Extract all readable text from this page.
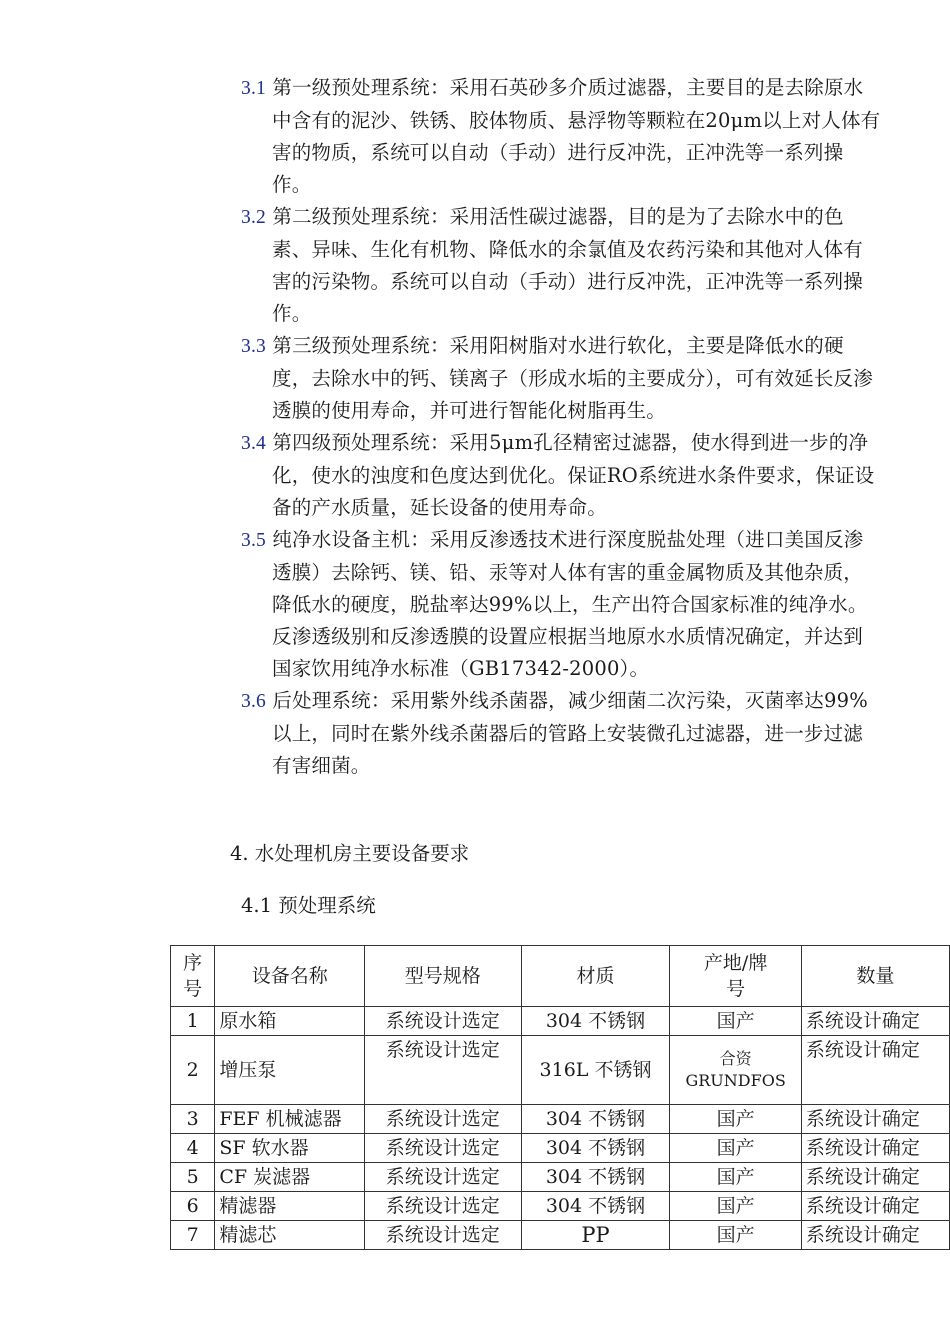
3.1 第一级预处理系统：采用石英砂多介质过滤器，主要目的是去除原水中含有的泥沙、铁锈、胶体物质、悬浮物等颗粒在20μm以上对人体有害的物质，系统可以自动（手动）进行反冲洗，正冲洗等一系列操作。
3.2 第二级预处理系统：采用活性碳过滤器，目的是为了去除水中的色素、异味、生化有机物、降低水的余氯值及农药污染和其他对人体有害的污染物。系统可以自动（手动）进行反冲洗，正冲洗等一系列操作。
3.3 第三级预处理系统：采用阳树脂对水进行软化，主要是降低水的硬度，去除水中的钙、镁离子（形成水垢的主要成分），可有效延长反渗透膜的使用寿命，并可进行智能化树脂再生。
3.4 第四级预处理系统：采用5μm孔径精密过滤器，使水得到进一步的净化，使水的浊度和色度达到优化。保证RO系统进水条件要求，保证设备的产水质量，延长设备的使用寿命。
3.5 纯净水设备主机：采用反渗透技术进行深度脱盐处理（进口美国反渗透膜）去除钙、镁、铅、汞等对人体有害的重金属物质及其他杂质，降低水的硬度，脱盐率达99%以上，生产出符合国家标准的纯净水。反渗透级别和反渗透膜的设置应根据当地原水水质情况确定，并达到国家饮用纯净水标准（GB17342-2000）。
3.6 后处理系统：采用紫外线杀菌器，减少细菌二次污染，灭菌率达99%以上，同时在紫外线杀菌器后的管路上安装微孔过滤器，进一步过滤有害细菌。
4. 水处理机房主要设备要求
4.1 预处理系统
序号	设备名称	型号规格	材质	产地/牌号	数量
1	原水箱	系统设计选定	304 不锈钢	国产	系统设计确定
2	增压泵	系统设计选定	316L 不锈钢	合资 GRUNDFOS	系统设计确定
3	FEF 机械滤器	系统设计选定	304 不锈钢	国产	系统设计确定
4	SF 软水器	系统设计选定	304 不锈钢	国产	系统设计确定
5	CF 炭滤器	系统设计选定	304 不锈钢	国产	系统设计确定
6	精滤器	系统设计选定	304 不锈钢	国产	系统设计确定
7	精滤芯	系统设计选定	PP	国产	系统设计确定
